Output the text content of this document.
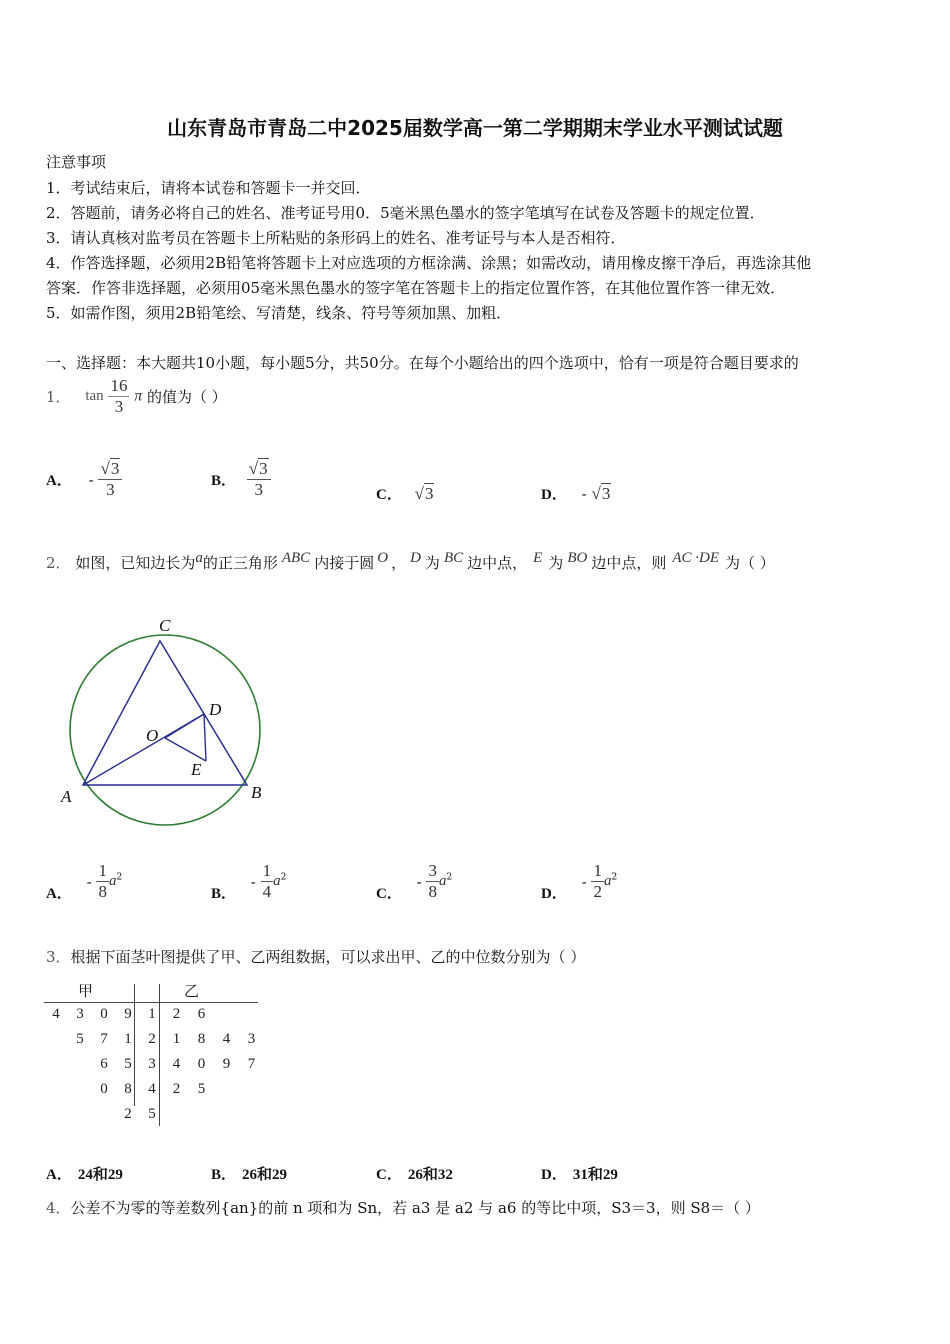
山东青岛市青岛二中2025届数学高一第二学期期末学业水平测试试题
注意事项
1．考试结束后，请将本试卷和答题卡一并交回．
2．答题前，请务必将自己的姓名、准考证号用0．5毫米黑色墨水的签字笔填写在试卷及答题卡的规定位置．
3．请认真核对监考员在答题卡上所粘贴的条形码上的姓名、准考证号与本人是否相符．
4．作答选择题，必须用2B铅笔将答题卡上对应选项的方框涂满、涂黑；如需改动，请用橡皮擦干净后，再选涂其他
答案．作答非选择题，必须用05毫米黑色墨水的签字笔在答题卡上的指定位置作答，在其他位置作答一律无效．
5．如需作图，须用2B铅笔绘、写清楚，线条、符号等须加黑、加粗．
一、选择题：本大题共10小题，每小题5分，共50分。在每个小题给出的四个选项中，恰有一项是符合题目要求的
1． $\tan \frac{16}{3}$ π 的值为（ ）
A． - $\frac{√3}{3}$	B． $\frac{√3}{3}$	C． √3	D． - √3
2． 如图，已知边长为a的正三角形 ABC 内接于圆 O ， D 为 BC 边中点， E 为 BO 边中点，则 AC ·DE 为（ ）
C
D
O
E
A	B
A． - $\frac{1}{8} a^2$
B． - $\frac{1}{4} a^2$
C． - $\frac{3}{8} a^2$
D． - $\frac{1}{2} a^2$
3．根据下面茎叶图提供了甲、乙两组数据，可以求出甲、乙的中位数分别为（ ）
甲	乙
4	3	0	9		1	2	6		
	5	7	1		2	1	8	4	3
		6	5		3	4	0	9	7
		0	8		4	2	5		
			2		5				
A． 24和29	B． 26和29	C． 26和32	D． 31和29
4．公差不为零的等差数列{an}的前 n 项和为 Sn，若 a3 是 a2 与 a6 的等比中项，S3＝3，则 S8＝（ ）
